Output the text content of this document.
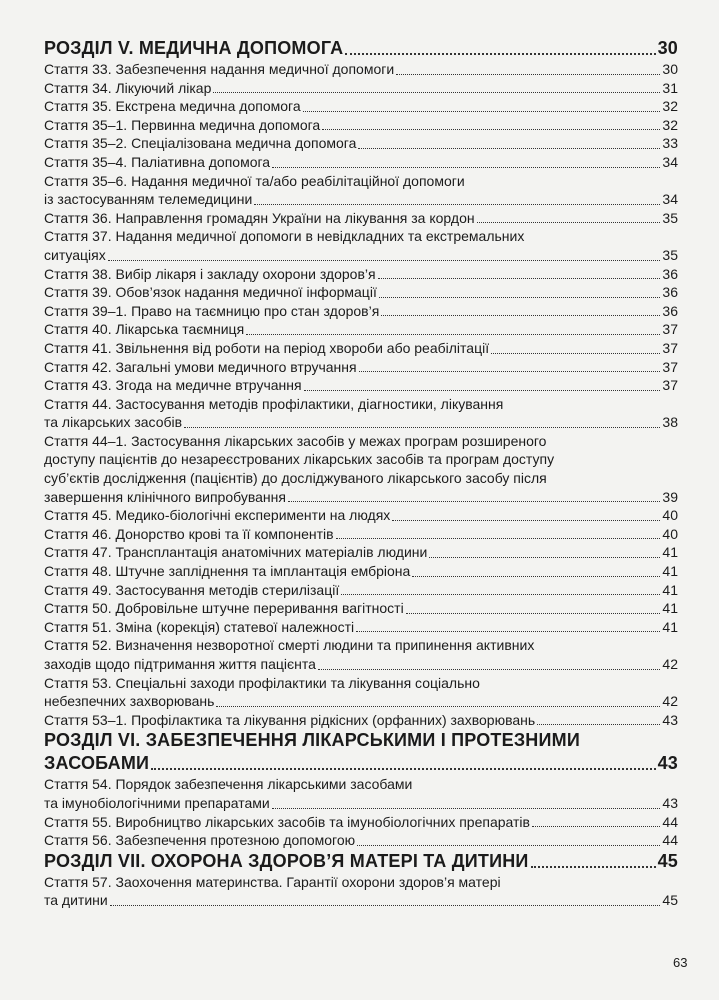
РОЗДІЛ V. МЕДИЧНА ДОПОМОГА	30
Стаття 33. Забезпечення надання медичної допомоги	30
Стаття 34. Лікуючий лікар	31
Стаття 35. Екстрена медична допомога	32
Стаття 35–1. Первинна медична допомога	32
Стаття 35–2. Спеціалізована медична допомога	33
Стаття 35–4. Паліативна допомога	34
Стаття 35–6. Надання медичної та/або реабілітаційної допомоги
із застосуванням телемедицини	34
Стаття 36. Направлення громадян України на лікування за кордон	35
Стаття 37. Надання медичної допомоги в невідкладних та екстремальних
ситуаціях	35
Стаття 38. Вибір лікаря і закладу охорони здоров’я	36
Стаття 39. Обов’язок надання медичної інформації	36
Стаття 39–1. Право на таємницю про стан здоров’я	36
Стаття 40. Лікарська таємниця	37
Стаття 41. Звільнення від роботи на період хвороби або реабілітації	37
Стаття 42. Загальні умови медичного втручання	37
Стаття 43. Згода на медичне втручання	37
Стаття 44. Застосування методів профілактики, діагностики, лікування
та лікарських засобів	38
Стаття 44–1. Застосування лікарських засобів у межах програм розширеного
доступу пацієнтів до незареєстрованих лікарських засобів та програм доступу
суб’єктів дослідження (пацієнтів) до досліджуваного лікарського засобу після
завершення клінічного випробування	39
Стаття 45. Медико-біологічні експерименти на людях	40
Стаття 46. Донорство крові та її компонентів	40
Стаття 47. Трансплантація анатомічних матеріалів людини	41
Стаття 48. Штучне запліднення та імплантація ембріона	41
Стаття 49. Застосування методів стерилізації	41
Стаття 50. Добровільне штучне переривання вагітності	41
Стаття 51. Зміна (корекція) статевої належності	41
Стаття 52. Визначення незворотної смерті людини та припинення активних
заходів щодо підтримання життя пацієнта	42
Стаття 53. Спеціальні заходи профілактики та лікування соціально
небезпечних захворювань	42
Стаття 53–1. Профілактика та лікування рідкісних (орфанних) захворювань	43
РОЗДІЛ VI. ЗАБЕЗПЕЧЕННЯ ЛІКАРСЬКИМИ І ПРОТЕЗНИМИ
ЗАСОБАМИ	43
Стаття 54. Порядок забезпечення лікарськими засобами
та імунобіологічними препаратами	43
Стаття 55. Виробництво лікарських засобів та імунобіологічних препаратів	44
Стаття 56. Забезпечення протезною допомогою	44
РОЗДІЛ VII. ОХОРОНА ЗДОРОВ’Я МАТЕРІ ТА ДИТИНИ	45
Стаття 57. Заохочення материнства. Гарантії охорони здоров’я матері
та дитини	45
63
